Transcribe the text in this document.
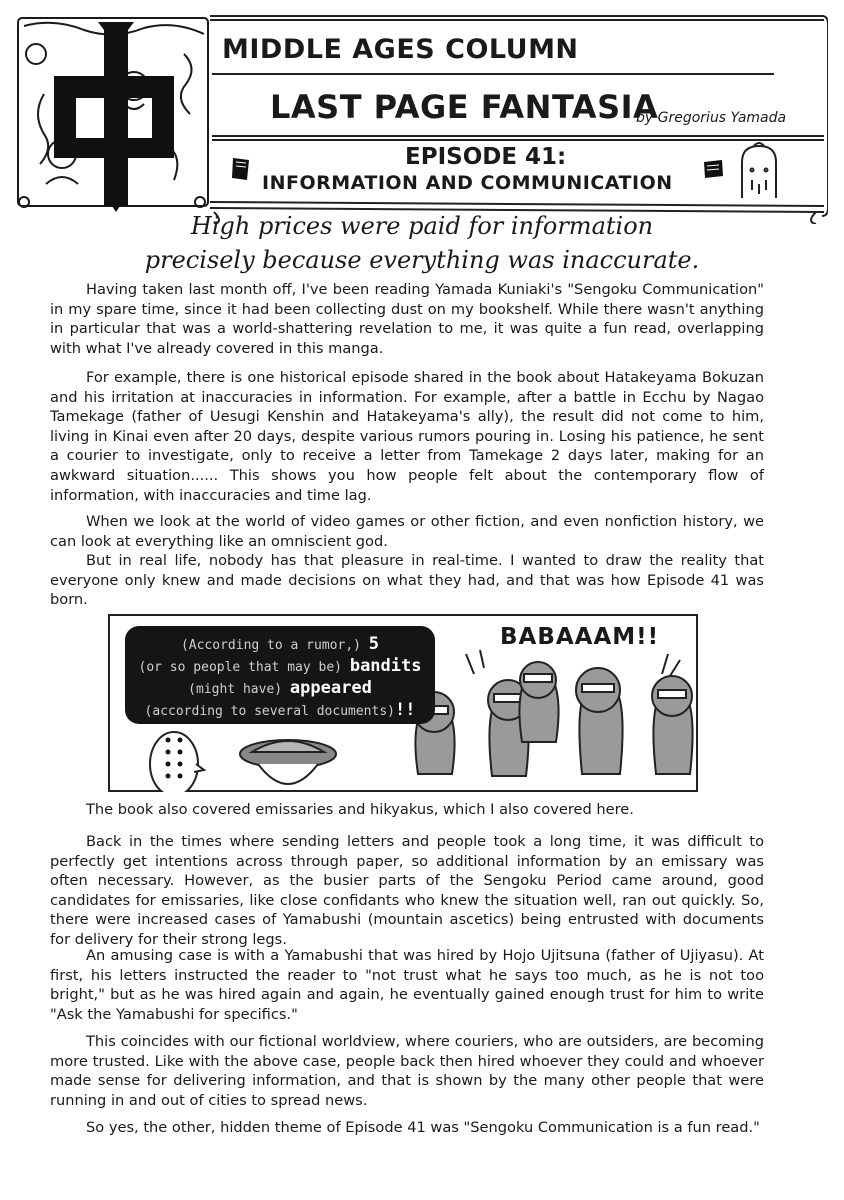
MIDDLE AGES COLUMN
LAST PAGE FANTASIA
by Gregorius Yamada
EPISODE 41:
INFORMATION AND COMMUNICATION
High prices were paid for information
precisely because everything was inaccurate.

Having taken last month off, I've been reading Yamada Kuniaki's "Sengoku Communication" in my spare time, since it had been collecting dust on my bookshelf. While there wasn't anything in particular that was a world-shattering revelation to me, it was quite a fun read, overlapping with what I've already covered in this manga.

For example, there is one historical episode shared in the book about Hatakeyama Bokuzan and his irritation at inaccuracies in information. For example, after a battle in Ecchu by Nagao Tamekage (father of Uesugi Kenshin and Hatakeyama's ally), the result did not come to him, living in Kinai even after 20 days, despite various rumors pouring in. Losing his patience, he sent a courier to investigate, only to receive a letter from Tamekage 2 days later, making for an awkward situation...... This shows you how people felt about the contemporary flow of information, with inaccuracies and time lag.

When we look at the world of video games or other fiction, and even nonfiction history, we can look at everything like an omniscient god.

But in real life, nobody has that pleasure in real-time. I wanted to draw the reality that everyone only knew and made decisions on what they had, and that was how Episode 41 was born.

(According to a rumor,) 5
(or so people that may be) bandits
(might have) appeared
(according to several documents)!!
BABAAAM!!

The book also covered emissaries and hikyakus, which I also covered here.

Back in the times where sending letters and people took a long time, it was difficult to perfectly get intentions across through paper, so additional information by an emissary was often necessary. However, as the busier parts of the Sengoku Period came around, good candidates for emissaries, like close confidants who knew the situation well, ran out quickly. So, there were increased cases of Yamabushi (mountain ascetics) being entrusted with documents for delivery for their strong legs.

An amusing case is with a Yamabushi that was hired by Hojo Ujitsuna (father of Ujiyasu). At first, his letters instructed the reader to "not trust what he says too much, as he is not too bright," but as he was hired again and again, he eventually gained enough trust for him to write "Ask the Yamabushi for specifics."

This coincides with our fictional worldview, where couriers, who are outsiders, are becoming more trusted. Like with the above case, people back then hired whoever they could and whoever made sense for delivering information, and that is shown by the many other people that were running in and out of cities to spread news.

So yes, the other, hidden theme of Episode 41 was "Sengoku Communication is a fun read."
